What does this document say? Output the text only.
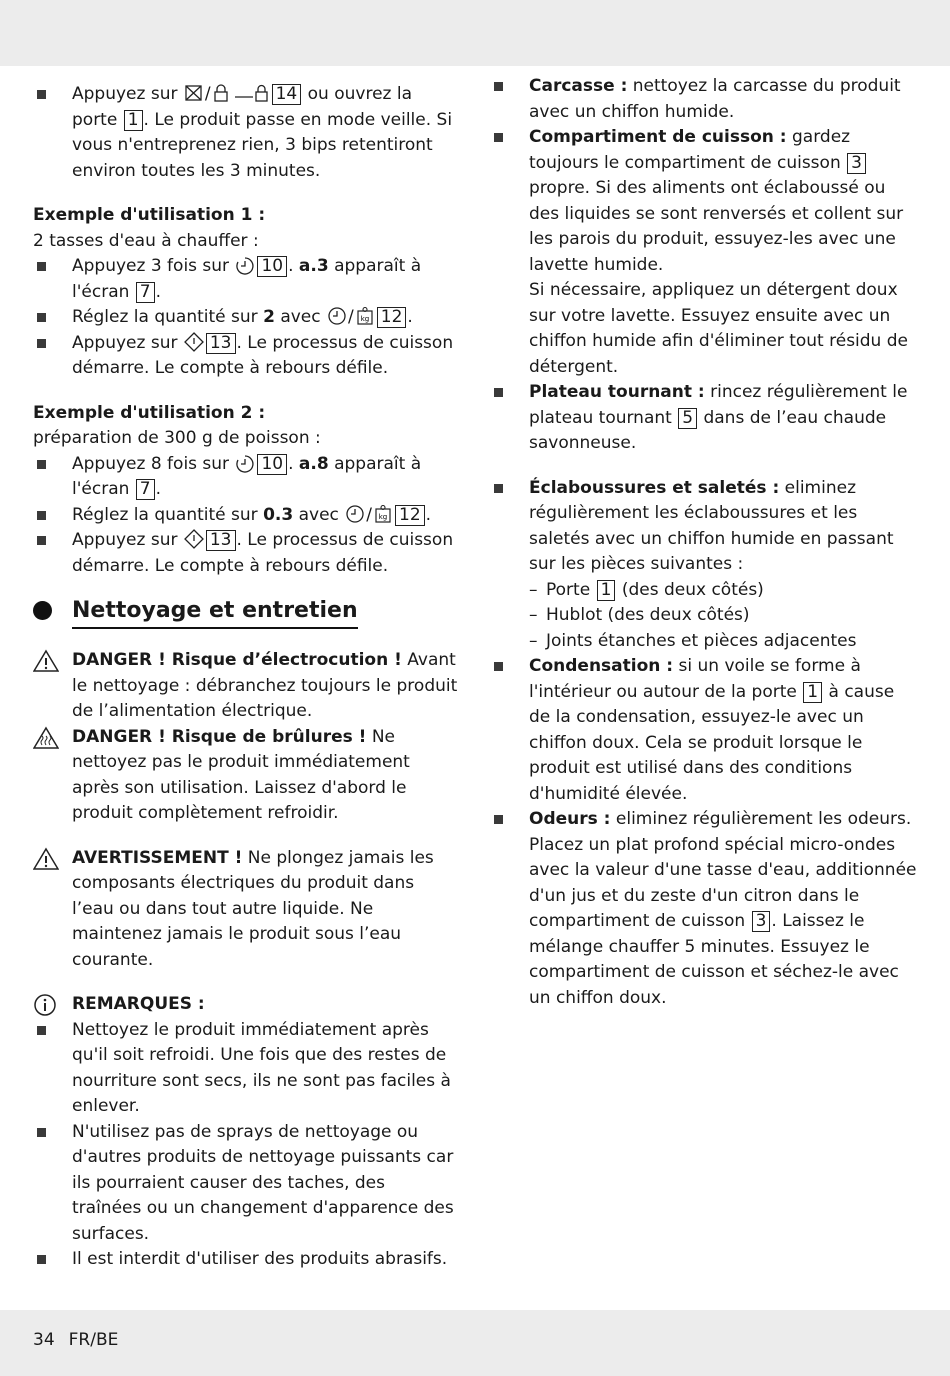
Appuyez sur /	14 ou ouvrez la porte 1 . Le produit passe en mode veille. Si vous n'entreprenez rien, 3 bips retentiront environ toutes les 3 minutes.

Exemple d'utilisation 1 :

2 tasses d'eau à chauffer :

Appuyez 3 fois sur 10 . a.3 apparaît à l'écran 7 .

Réglez la quantité sur 2 avec / kg 12 .

Appuyez sur 13 . Le processus de cuisson démarre. Le compte à rebours défile.

Exemple d'utilisation 2 :

préparation de 300 g de poisson :

Appuyez 8 fois sur 10 . a.8 apparaît à l'écran 7 .

Réglez la quantité sur 0.3 avec / kg 12 .

Appuyez sur 13 . Le processus de cuisson démarre. Le compte à rebours défile.

Nettoyage et entretien

DANGER ! Risque d’électrocution ! Avant le nettoyage : débranchez toujours le produit de l’alimentation électrique.

DANGER ! Risque de brûlures ! Ne nettoyez pas le produit immédiatement après son utilisation. Laissez d'abord le produit complètement refroidir.

AVERTISSEMENT ! Ne plongez jamais les composants électriques du produit dans l’eau ou dans tout autre liquide. Ne maintenez jamais le produit sous l’eau courante.

REMARQUES :

Nettoyez le produit immédiatement après qu'il soit refroidi. Une fois que des restes de nourriture sont secs, ils ne sont pas faciles à enlever.

N'utilisez pas de sprays de nettoyage ou d'autres produits de nettoyage puissants car ils pourraient causer des taches, des traînées ou un changement d'apparence des surfaces.

Il est interdit d'utiliser des produits abrasifs.

Carcasse : nettoyez la carcasse du produit avec un chiffon humide.

Compartiment de cuisson : gardez toujours le compartiment de cuisson 3 propre. Si des aliments ont éclaboussé ou des liquides se sont renversés et collent sur les parois du produit, essuyez-les avec une lavette humide.

Si nécessaire, appliquez un détergent doux sur votre lavette. Essuyez ensuite avec un chiffon humide afin d'éliminer tout résidu de détergent.

Plateau tournant : rincez régulièrement le plateau tournant 5 dans de l’eau chaude savonneuse.

Éclaboussures et saletés : eliminez régulièrement les éclaboussures et les saletés avec un chiffon humide en passant sur les pièces suivantes :

– Porte 1 (des deux côtés)
– Hublot (des deux côtés)
– Joints étanches et pièces adjacentes

Condensation : si un voile se forme à l'intérieur ou autour de la porte 1 à cause de la condensation, essuyez-le avec un chiffon doux. Cela se produit lorsque le produit est utilisé dans des conditions d'humidité élevée.

Odeurs : eliminez régulièrement les odeurs. Placez un plat profond spécial micro-ondes avec la valeur d'une tasse d'eau, additionnée d'un jus et du zeste d'un citron dans le compartiment de cuisson 3 . Laissez le mélange chauffer 5 minutes. Essuyez le compartiment de cuisson et séchez-le avec un chiffon doux.

34 FR/BE
